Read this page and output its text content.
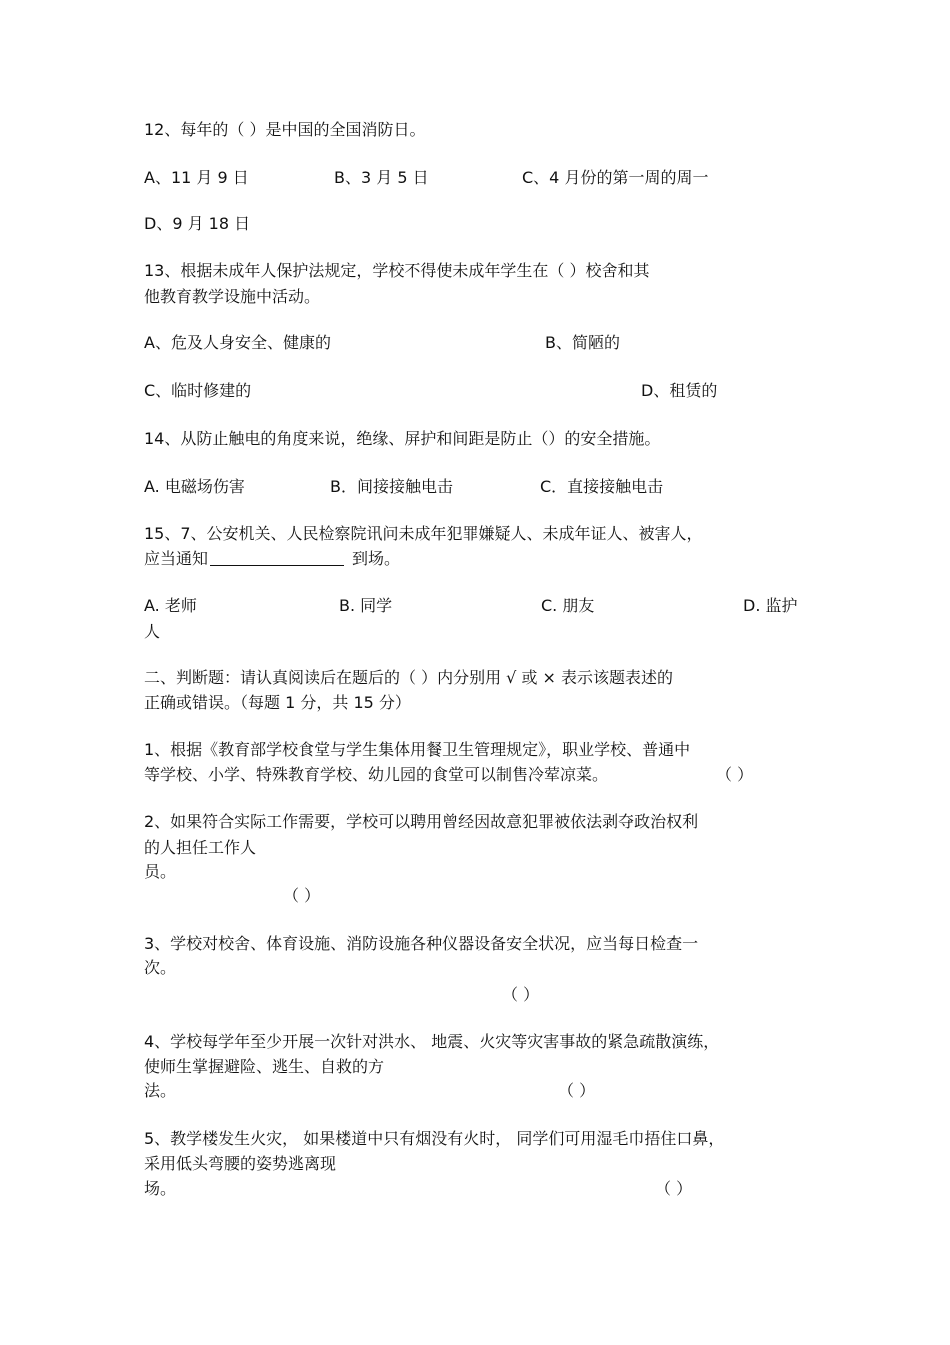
12、每年的（ ）是中国的全国消防日。
A、11 月 9 日	B、3 月 5 日	C、4 月份的第一周的周一
D、9 月 18 日
13、根据未成年人保护法规定，学校不得使未成年学生在（ ）校舍和其
他教育教学设施中活动。
A、危及人身安全、健康的	B、简陋的
C、临时修建的	D、租赁的
14、从防止触电的角度来说，绝缘、屏护和间距是防止（）的安全措施。
A. 电磁场伤害	B．间接接触电击	C．直接接触电击
15、7、公安机关、人民检察院讯问未成年犯罪嫌疑人、未成年证人、被害人，
应当通知	到场。
A. 老师	B. 同学	C. 朋友	D. 监护
人
二、判断题：请认真阅读后在题后的（ ）内分别用 √ 或 × 表示该题表述的
正确或错误。（每题 1 分，共 15 分）
1、根据《教育部学校食堂与学生集体用餐卫生管理规定》，职业学校、普通中
等学校、小学、特殊教育学校、幼儿园的食堂可以制售冷荤凉菜。	（ ）
2、如果符合实际工作需要，学校可以聘用曾经因故意犯罪被依法剥夺政治权利
的人担任工作人
员。
（ ）
3、学校对校舍、体育设施、消防设施各种仪器设备安全状况，应当每日检查一
次。
（ ）
4、学校每学年至少开展一次针对洪水、 地震、火灾等灾害事故的紧急疏散演练，
使师生掌握避险、逃生、自救的方
法。	（ ）
5、教学楼发生火灾， 如果楼道中只有烟没有火时， 同学们可用湿毛巾捂住口鼻，
采用低头弯腰的姿势逃离现
场。	（ ）
